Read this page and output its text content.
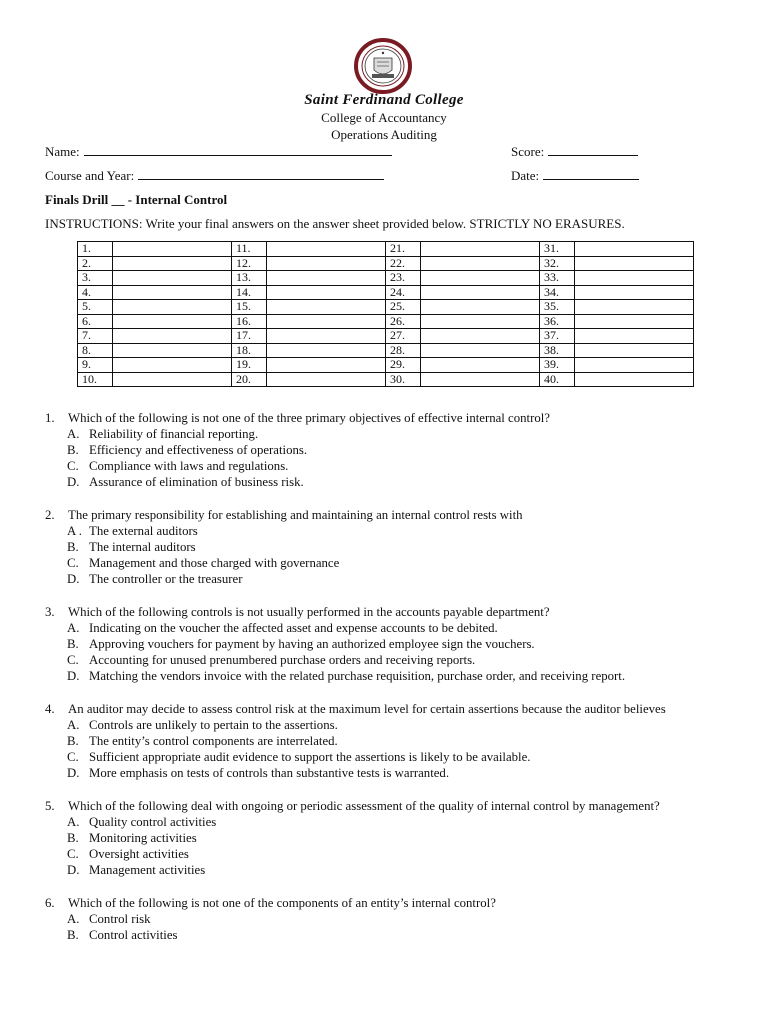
Saint Ferdinand College
College of Accountancy
Operations Auditing
Name:	Score:
Course and Year:	Date:
Finals Drill __ - Internal Control
INSTRUCTIONS: Write your final answers on the answer sheet provided below. STRICTLY NO ERASURES.
1.		11.		21.		31.	
2.		12.		22.		32.	
3.		13.		23.		33.	
4.		14.		24.		34.	
5.		15.		25.		35.	
6.		16.		26.		36.	
7.		17.		27.		37.	
8.		18.		28.		38.	
9.		19.		29.		39.	
10.		20.		30.		40.	
1.	Which of the following is not one of the three primary objectives of effective internal control?
A. Reliability of financial reporting.
B. Efficiency and effectiveness of operations.
C. Compliance with laws and regulations.
D. Assurance of elimination of business risk.
2.	The primary responsibility for establishing and maintaining an internal control rests with
A . The external auditors
B. The internal auditors
C. Management and those charged with governance
D. The controller or the treasurer
3.	Which of the following controls is not usually performed in the accounts payable department?
A. Indicating on the voucher the affected asset and expense accounts to be debited.
B. Approving vouchers for payment by having an authorized employee sign the vouchers.
C. Accounting for unused prenumbered purchase orders and receiving reports.
D. Matching the vendors invoice with the related purchase requisition, purchase order, and receiving report.
4.	An auditor may decide to assess control risk at the maximum level for certain assertions because the auditor believes
A. Controls are unlikely to pertain to the assertions.
B. The entity’s control components are interrelated.
C. Sufficient appropriate audit evidence to support the assertions is likely to be available.
D. More emphasis on tests of controls than substantive tests is warranted.
5.	Which of the following deal with ongoing or periodic assessment of the quality of internal control by management?
A. Quality control activities
B. Monitoring activities
C. Oversight activities
D. Management activities
6.	Which of the following is not one of the components of an entity’s internal control?
A. Control risk
B. Control activities
